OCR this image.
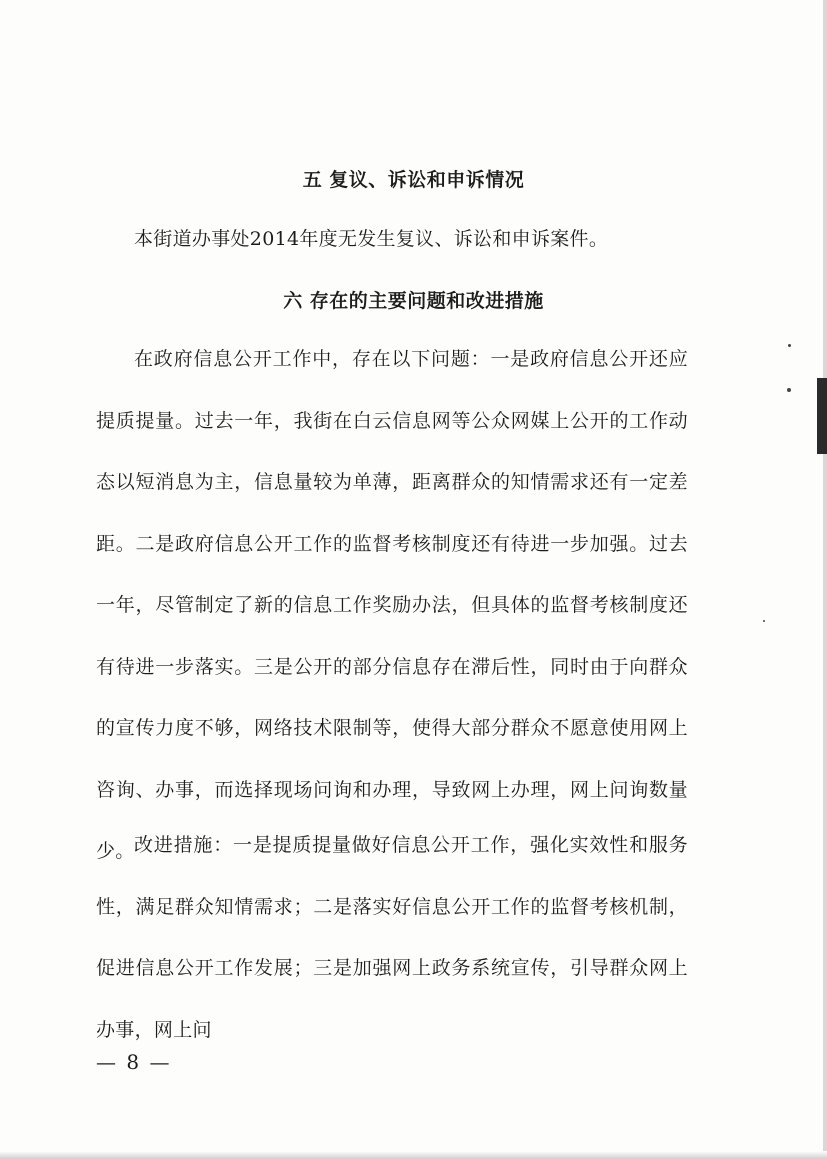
五 复议、诉讼和申诉情况

本街道办事处2014年度无发生复议、诉讼和申诉案件。

六 存在的主要问题和改进措施

在政府信息公开工作中，存在以下问题：一是政府信息公开还应提质提量。过去一年，我街在白云信息网等公众网媒上公开的工作动态以短消息为主，信息量较为单薄，距离群众的知情需求还有一定差距。二是政府信息公开工作的监督考核制度还有待进一步加强。过去一年，尽管制定了新的信息工作奖励办法，但具体的监督考核制度还有待进一步落实。三是公开的部分信息存在滞后性，同时由于向群众的宣传力度不够，网络技术限制等，使得大部分群众不愿意使用网上咨询、办事，而选择现场问询和办理，导致网上办理，网上问询数量少。 改进措施：一是提质提量做好信息公开工作，强化实效性和服务性，满足群众知情需求；二是落实好信息公开工作的监督考核机制，促进信息公开工作发展；三是加强网上政务系统宣传，引导群众网上办事，网上问

— 8 —
